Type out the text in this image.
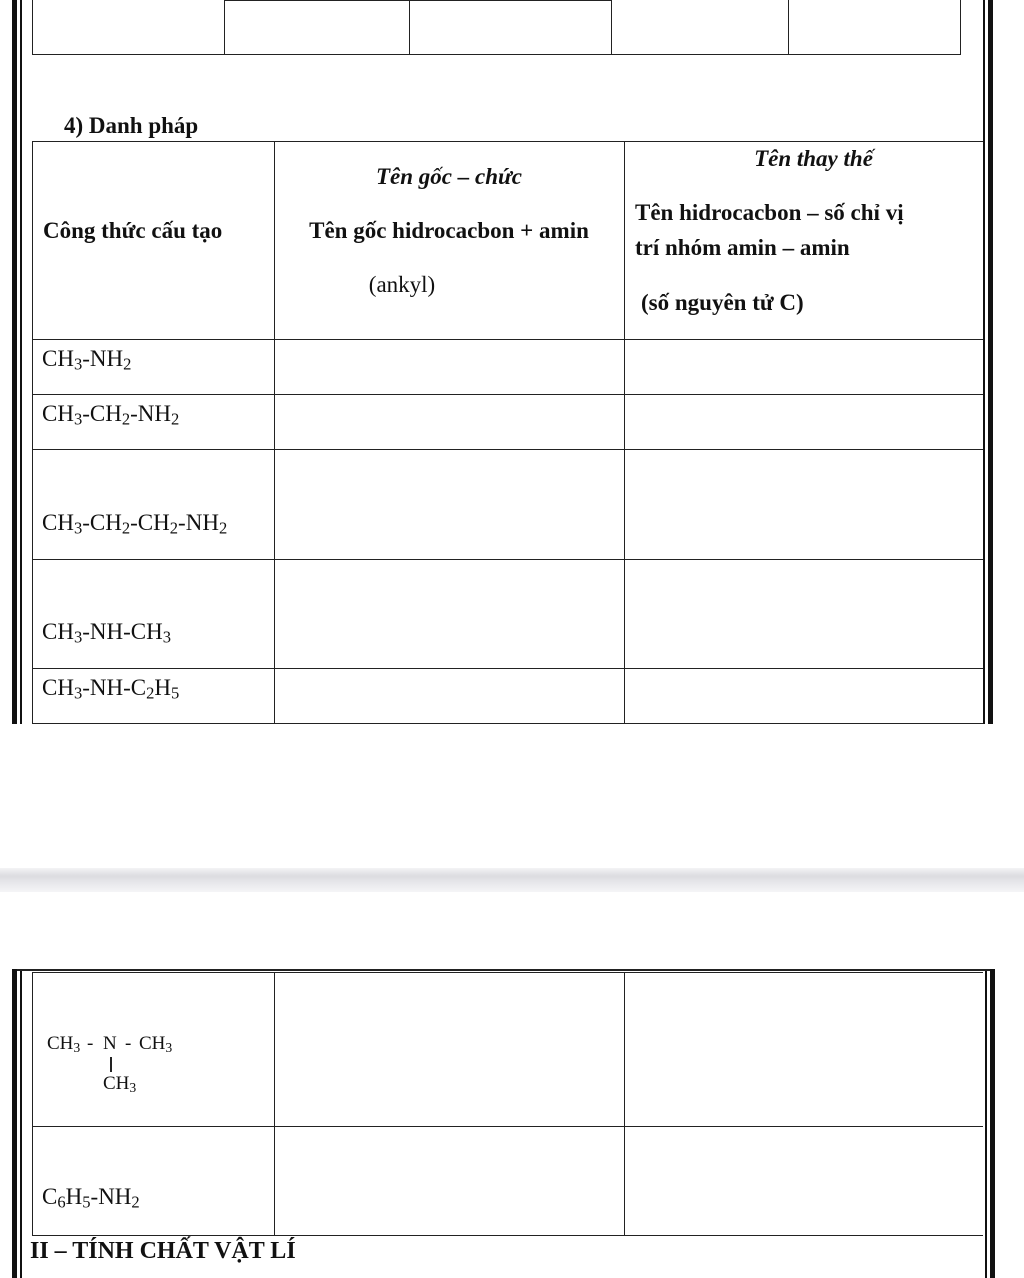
4) Danh pháp
Công thức cấu tạo
Tên gốc – chức
Tên gốc hidrocacbon + amin
(ankyl)
Tên thay thế
Tên hidrocacbon – số chỉ vị
trí nhóm amin – amin
(số nguyên tử C)
$CH_3-NH_2$
$CH_3-CH_2-NH_2$
$CH_3-CH_2-CH_2-NH_2$
$CH_3-NH-CH_3$
$CH_3-NH-C_2H_5$
$CH_3$ - N - $CH_3$
$CH_3$
$C_6H_5-NH_2$
II – TÍNH CHẤT VẬT LÍ
